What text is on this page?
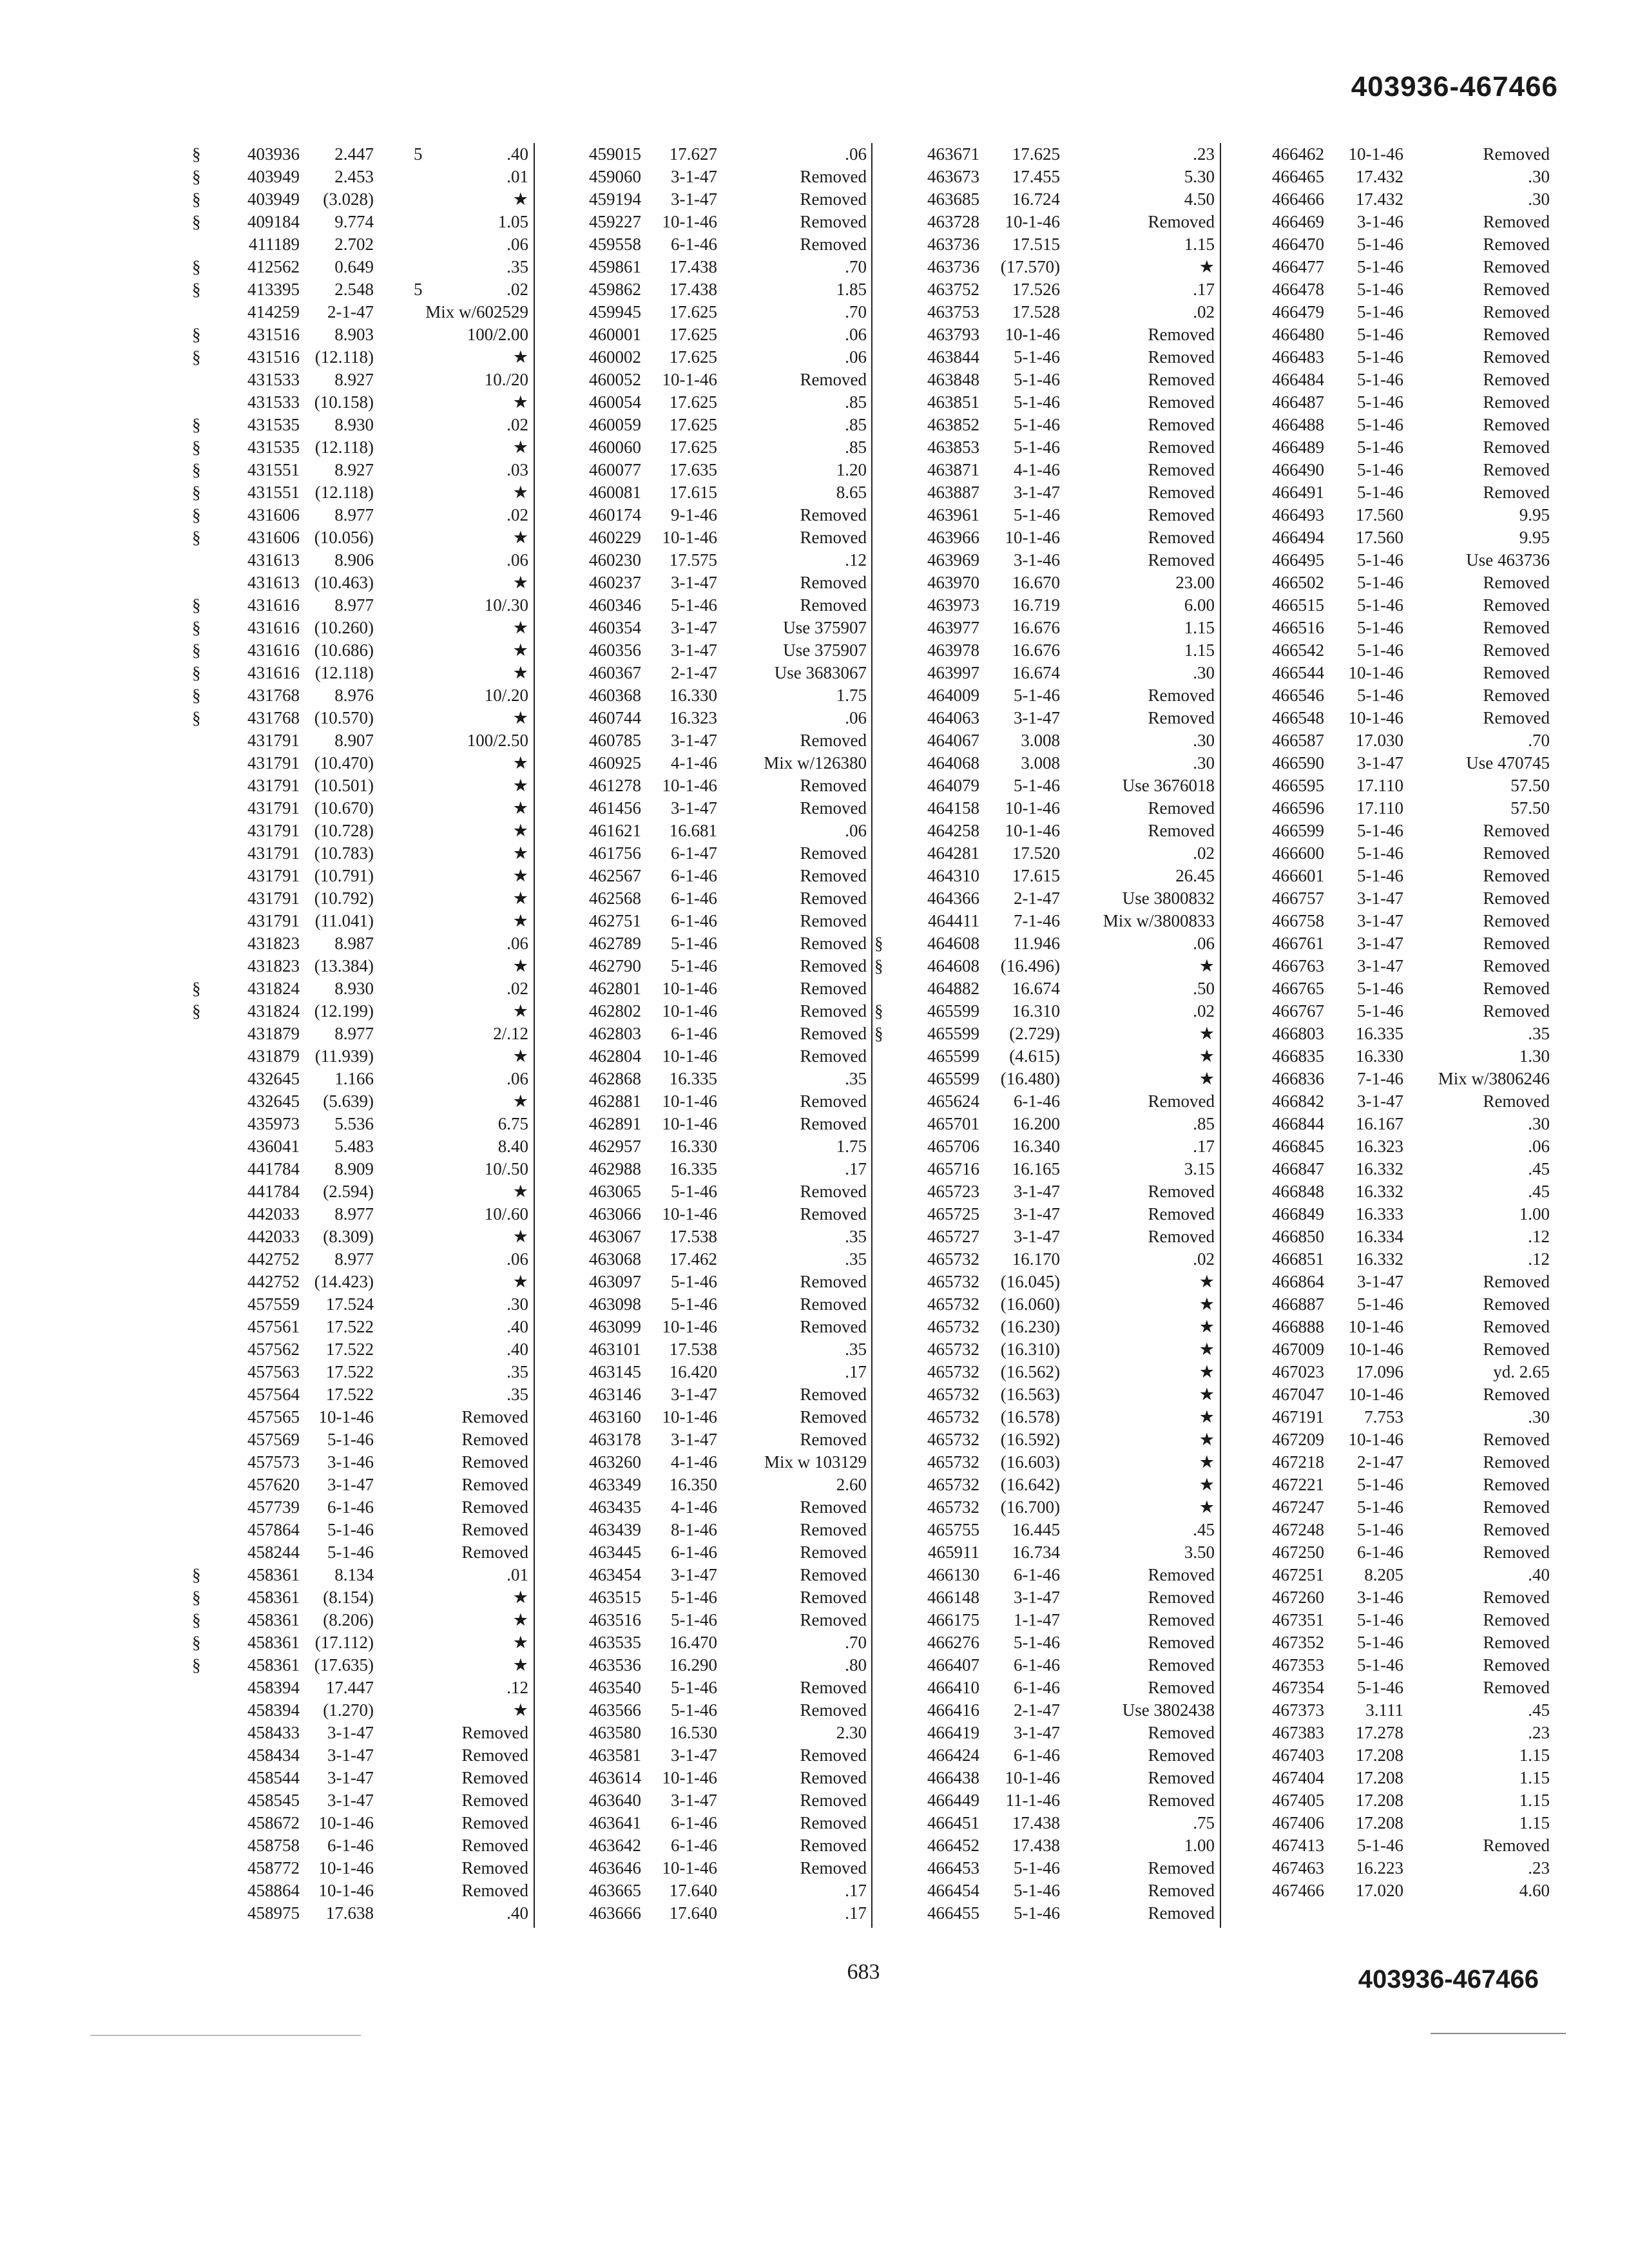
403936-467466
§	403936	2.447 5	.40
§	403949	2.453	.01
§	403949	(3.028)	★
§	409184	9.774	1.05
411189	2.702	.06
§	412562	0.649	.35
§	413395	2.548 5	.02
414259	2-1-47	Mix w/602529
§	431516	8.903	100/2.00
§	431516 (12.118)	★
431533	8.927	10./20
431533 (10.158)	★
§	431535	8.930	.02
§	431535 (12.118)	★
§	431551	8.927	.03
§	431551 (12.118)	★
§	431606	8.977	.02
§	431606 (10.056)	★
431613	8.906	.06
431613 (10.463)	★
§	431616	8.977	10/.30
§	431616 (10.260)	★
§	431616 (10.686)	★
§	431616 (12.118)	★
§	431768	8.976	10/.20
§	431768 (10.570)	★
431791	8.907	100/2.50
431791 (10.470)	★
431791 (10.501)	★
431791 (10.670)	★
431791 (10.728)	★
431791 (10.783)	★
431791 (10.791)	★
431791 (10.792)	★
431791 (11.041)	★
431823	8.987	.06
431823 (13.384)	★
§	431824	8.930	.02
§	431824 (12.199)	★
431879	8.977	2/.12
431879 (11.939)	★
432645	1.166	.06
432645	(5.639)	★
435973	5.536	6.75
436041	5.483	8.40
441784	8.909	10/.50
441784	(2.594)	★
442033	8.977	10/.60
442033	(8.309)	★
442752	8.977	.06
442752 (14.423)	★
457559	17.524	.30
457561	17.522	.40
457562	17.522	.40
457563	17.522	.35
457564	17.522	.35
457565	10-1-46	Removed
457569	5-1-46	Removed
457573	3-1-46	Removed
457620	3-1-47	Removed
457739	6-1-46	Removed
457864	5-1-46	Removed
458244	5-1-46	Removed
§	458361	8.134	.01
§	458361	(8.154)	★
§	458361	(8.206)	★
§	458361 (17.112)	★
§	458361 (17.635)	★
458394	17.447	.12
458394	(1.270)	★
458433	3-1-47	Removed
458434	3-1-47	Removed
458544	3-1-47	Removed
458545	3-1-47	Removed
458672	10-1-46	Removed
458758	6-1-46	Removed
458772	10-1-46	Removed
458864	10-1-46	Removed
458975	17.638	.40
459015	17.627	.06
459060	3-1-47	Removed
459194	3-1-47	Removed
459227	10-1-46	Removed
459558	6-1-46	Removed
459861	17.438	.70
459862	17.438	1.85
459945	17.625	.70
460001	17.625	.06
460002	17.625	.06
460052	10-1-46	Removed
460054	17.625	.85
460059	17.625	.85
460060	17.625	.85
460077	17.635	1.20
460081	17.615	8.65
460174	9-1-46	Removed
460229	10-1-46	Removed
460230	17.575	.12
460237	3-1-47	Removed
460346	5-1-46	Removed
460354	3-1-47	Use 375907
460356	3-1-47	Use 375907
460367	2-1-47	Use 3683067
460368	16.330	1.75
460744	16.323	.06
460785	3-1-47	Removed
460925	4-1-46	Mix w/126380
461278	10-1-46	Removed
461456	3-1-47	Removed
461621	16.681	.06
461756	6-1-47	Removed
462567	6-1-46	Removed
462568	6-1-46	Removed
462751	6-1-46	Removed
462789	5-1-46	Removed
462790	5-1-46	Removed
462801	10-1-46	Removed
462802	10-1-46	Removed
462803	6-1-46	Removed
462804	10-1-46	Removed
462868	16.335	.35
462881	10-1-46	Removed
462891	10-1-46	Removed
462957	16.330	1.75
462988	16.335	.17
463065	5-1-46	Removed
463066	10-1-46	Removed
463067	17.538	.35
463068	17.462	.35
463097	5-1-46	Removed
463098	5-1-46	Removed
463099	10-1-46	Removed
463101	17.538	.35
463145	16.420	.17
463146	3-1-47	Removed
463160	10-1-46	Removed
463178	3-1-47	Removed
463260	4-1-46	Mix w 103129
463349	16.350	2.60
463435	4-1-46	Removed
463439	8-1-46	Removed
463445	6-1-46	Removed
463454	3-1-47	Removed
463515	5-1-46	Removed
463516	5-1-46	Removed
463535	16.470	.70
463536	16.290	.80
463540	5-1-46	Removed
463566	5-1-46	Removed
463580	16.530	2.30
463581	3-1-47	Removed
463614	10-1-46	Removed
463640	3-1-47	Removed
463641	6-1-46	Removed
463642	6-1-46	Removed
463646	10-1-46	Removed
463665	17.640	.17
463666	17.640	.17
463671	17.625	.23
463673	17.455	5.30
463685	16.724	4.50
463728	10-1-46	Removed
463736	17.515	1.15
463736	(17.570)	★
463752	17.526	.17
463753	17.528	.02
463793	10-1-46	Removed
463844	5-1-46	Removed
463848	5-1-46	Removed
463851	5-1-46	Removed
463852	5-1-46	Removed
463853	5-1-46	Removed
463871	4-1-46	Removed
463887	3-1-47	Removed
463961	5-1-46	Removed
463966	10-1-46	Removed
463969	3-1-46	Removed
463970	16.670	23.00
463973	16.719	6.00
463977	16.676	1.15
463978	16.676	1.15
463997	16.674	.30
464009	5-1-46	Removed
464063	3-1-47	Removed
464067	3.008	.30
464068	3.008	.30
464079	5-1-46	Use 3676018
464158	10-1-46	Removed
464258	10-1-46	Removed
464281	17.520	.02
464310	17.615	26.45
464366	2-1-47	Use 3800832
464411	7-1-46 Mix w/3800833
§	464608	11.946	.06
§	464608	(16.496)	★
464882	16.674	.50
§	465599	16.310	.02
§	465599	(2.729)	★
465599	(4.615)	★
465599	(16.480)	★
465624	6-1-46	Removed
465701	16.200	.85
465706	16.340	.17
465716	16.165	3.15
465723	3-1-47	Removed
465725	3-1-47	Removed
465727	3-1-47	Removed
465732	16.170	.02
465732	(16.045)	★
465732	(16.060)	★
465732	(16.230)	★
465732	(16.310)	★
465732	(16.562)	★
465732	(16.563)	★
465732	(16.578)	★
465732	(16.592)	★
465732	(16.603)	★
465732	(16.642)	★
465732	(16.700)	★
465755	16.445	.45
465911	16.734	3.50
466130	6-1-46	Removed
466148	3-1-47	Removed
466175	1-1-47	Removed
466276	5-1-46	Removed
466407	6-1-46	Removed
466410	6-1-46	Removed
466416	2-1-47	Use 3802438
466419	3-1-47	Removed
466424	6-1-46	Removed
466438	10-1-46	Removed
466449	11-1-46	Removed
466451	17.438	.75
466452	17.438	1.00
466453	5-1-46	Removed
466454	5-1-46	Removed
466455	5-1-46	Removed
466462	10-1-46	Removed
466465	17.432	.30
466466	17.432	.30
466469	3-1-46	Removed
466470	5-1-46	Removed
466477	5-1-46	Removed
466478	5-1-46	Removed
466479	5-1-46	Removed
466480	5-1-46	Removed
466483	5-1-46	Removed
466484	5-1-46	Removed
466487	5-1-46	Removed
466488	5-1-46	Removed
466489	5-1-46	Removed
466490	5-1-46	Removed
466491	5-1-46	Removed
466493	17.560	9.95
466494	17.560	9.95
466495	5-1-46	Use 463736
466502	5-1-46	Removed
466515	5-1-46	Removed
466516	5-1-46	Removed
466542	5-1-46	Removed
466544	10-1-46	Removed
466546	5-1-46	Removed
466548	10-1-46	Removed
466587	17.030	.70
466590	3-1-47	Use 470745
466595	17.110	57.50
466596	17.110	57.50
466599	5-1-46	Removed
466600	5-1-46	Removed
466601	5-1-46	Removed
466757	3-1-47	Removed
466758	3-1-47	Removed
466761	3-1-47	Removed
466763	3-1-47	Removed
466765	5-1-46	Removed
466767	5-1-46	Removed
466803	16.335	.35
466835	16.330	1.30
466836	7-1-46 Mix w/3806246
466842	3-1-47	Removed
466844	16.167	.30
466845	16.323	.06
466847	16.332	.45
466848	16.332	.45
466849	16.333	1.00
466850	16.334	.12
466851	16.332	.12
466864	3-1-47	Removed
466887	5-1-46	Removed
466888	10-1-46	Removed
467009	10-1-46	Removed
467023	17.096	yd. 2.65
467047	10-1-46	Removed
467191	7.753	.30
467209	10-1-46	Removed
467218	2-1-47	Removed
467221	5-1-46	Removed
467247	5-1-46	Removed
467248	5-1-46	Removed
467250	6-1-46	Removed
467251	8.205	.40
467260	3-1-46	Removed
467351	5-1-46	Removed
467352	5-1-46	Removed
467353	5-1-46	Removed
467354	5-1-46	Removed
467373	3.111	.45
467383	17.278	.23
467403	17.208	1.15
467404	17.208	1.15
467405	17.208	1.15
467406	17.208	1.15
467413	5-1-46	Removed
467463	16.223	.23
467466	17.020	4.60
683	403936-467466
